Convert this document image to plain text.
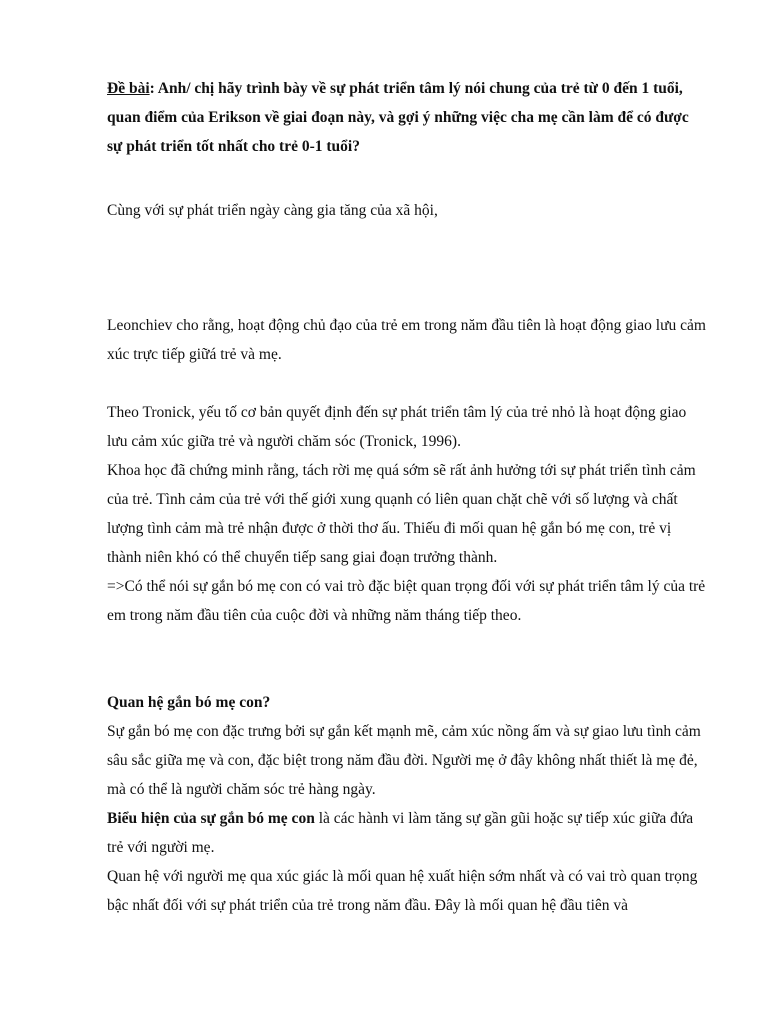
Đề bài: Anh/ chị hãy trình bày về sự phát triển tâm lý nói chung của trẻ từ 0 đến 1 tuổi, quan điểm của Erikson về giai đoạn này, và gợi ý những việc cha mẹ cần làm để có được sự phát triển tốt nhất cho trẻ 0-1 tuổi?

Cùng với sự phát triển ngày càng gia tăng của xã hội,

Leonchiev cho rằng, hoạt động chủ đạo của trẻ em trong năm đầu tiên là hoạt động giao lưu cảm xúc trực tiếp giữá trẻ và mẹ.

Theo Tronick, yếu tố cơ bản quyết định đến sự phát triển tâm lý của trẻ nhỏ là hoạt động giao lưu cảm xúc giữa trẻ và người chăm sóc (Tronick, 1996).

Khoa học đã chứng minh rằng, tách rời mẹ quá sớm sẽ rất ảnh hưởng tới sự phát triển tình cảm của trẻ. Tình cảm của trẻ với thế giới xung quạnh có liên quan chặt chẽ với số lượng và chất lượng tình cảm mà trẻ nhận được ở thời thơ ấu. Thiếu đi mối quan hệ gắn bó mẹ con, trẻ vị thành niên khó có thể chuyển tiếp sang giai đoạn trưởng thành.

=>Có thể nói sự gắn bó mẹ con có vai trò đặc biệt quan trọng đối với sự phát triển tâm lý của trẻ em trong năm đầu tiên của cuộc đời và những năm tháng tiếp theo.

Quan hệ gắn bó mẹ con?

Sự gắn bó mẹ con đặc trưng bởi sự gắn kết mạnh mẽ, cảm xúc nồng ấm và sự giao lưu tình cảm sâu sắc giữa mẹ và con, đặc biệt trong năm đầu đời. Người mẹ ở đây không nhất thiết là mẹ đẻ, mà có thể là người chăm sóc trẻ hàng ngày.

Biểu hiện của sự gắn bó mẹ con là các hành vi làm tăng sự gần gũi hoặc sự tiếp xúc giữa đứa trẻ với người mẹ.

Quan hệ với người mẹ qua xúc giác là mối quan hệ xuất hiện sớm nhất và có vai trò quan trọng bậc nhất đối với sự phát triển của trẻ trong năm đầu. Đây là mối quan hệ đầu tiên và
